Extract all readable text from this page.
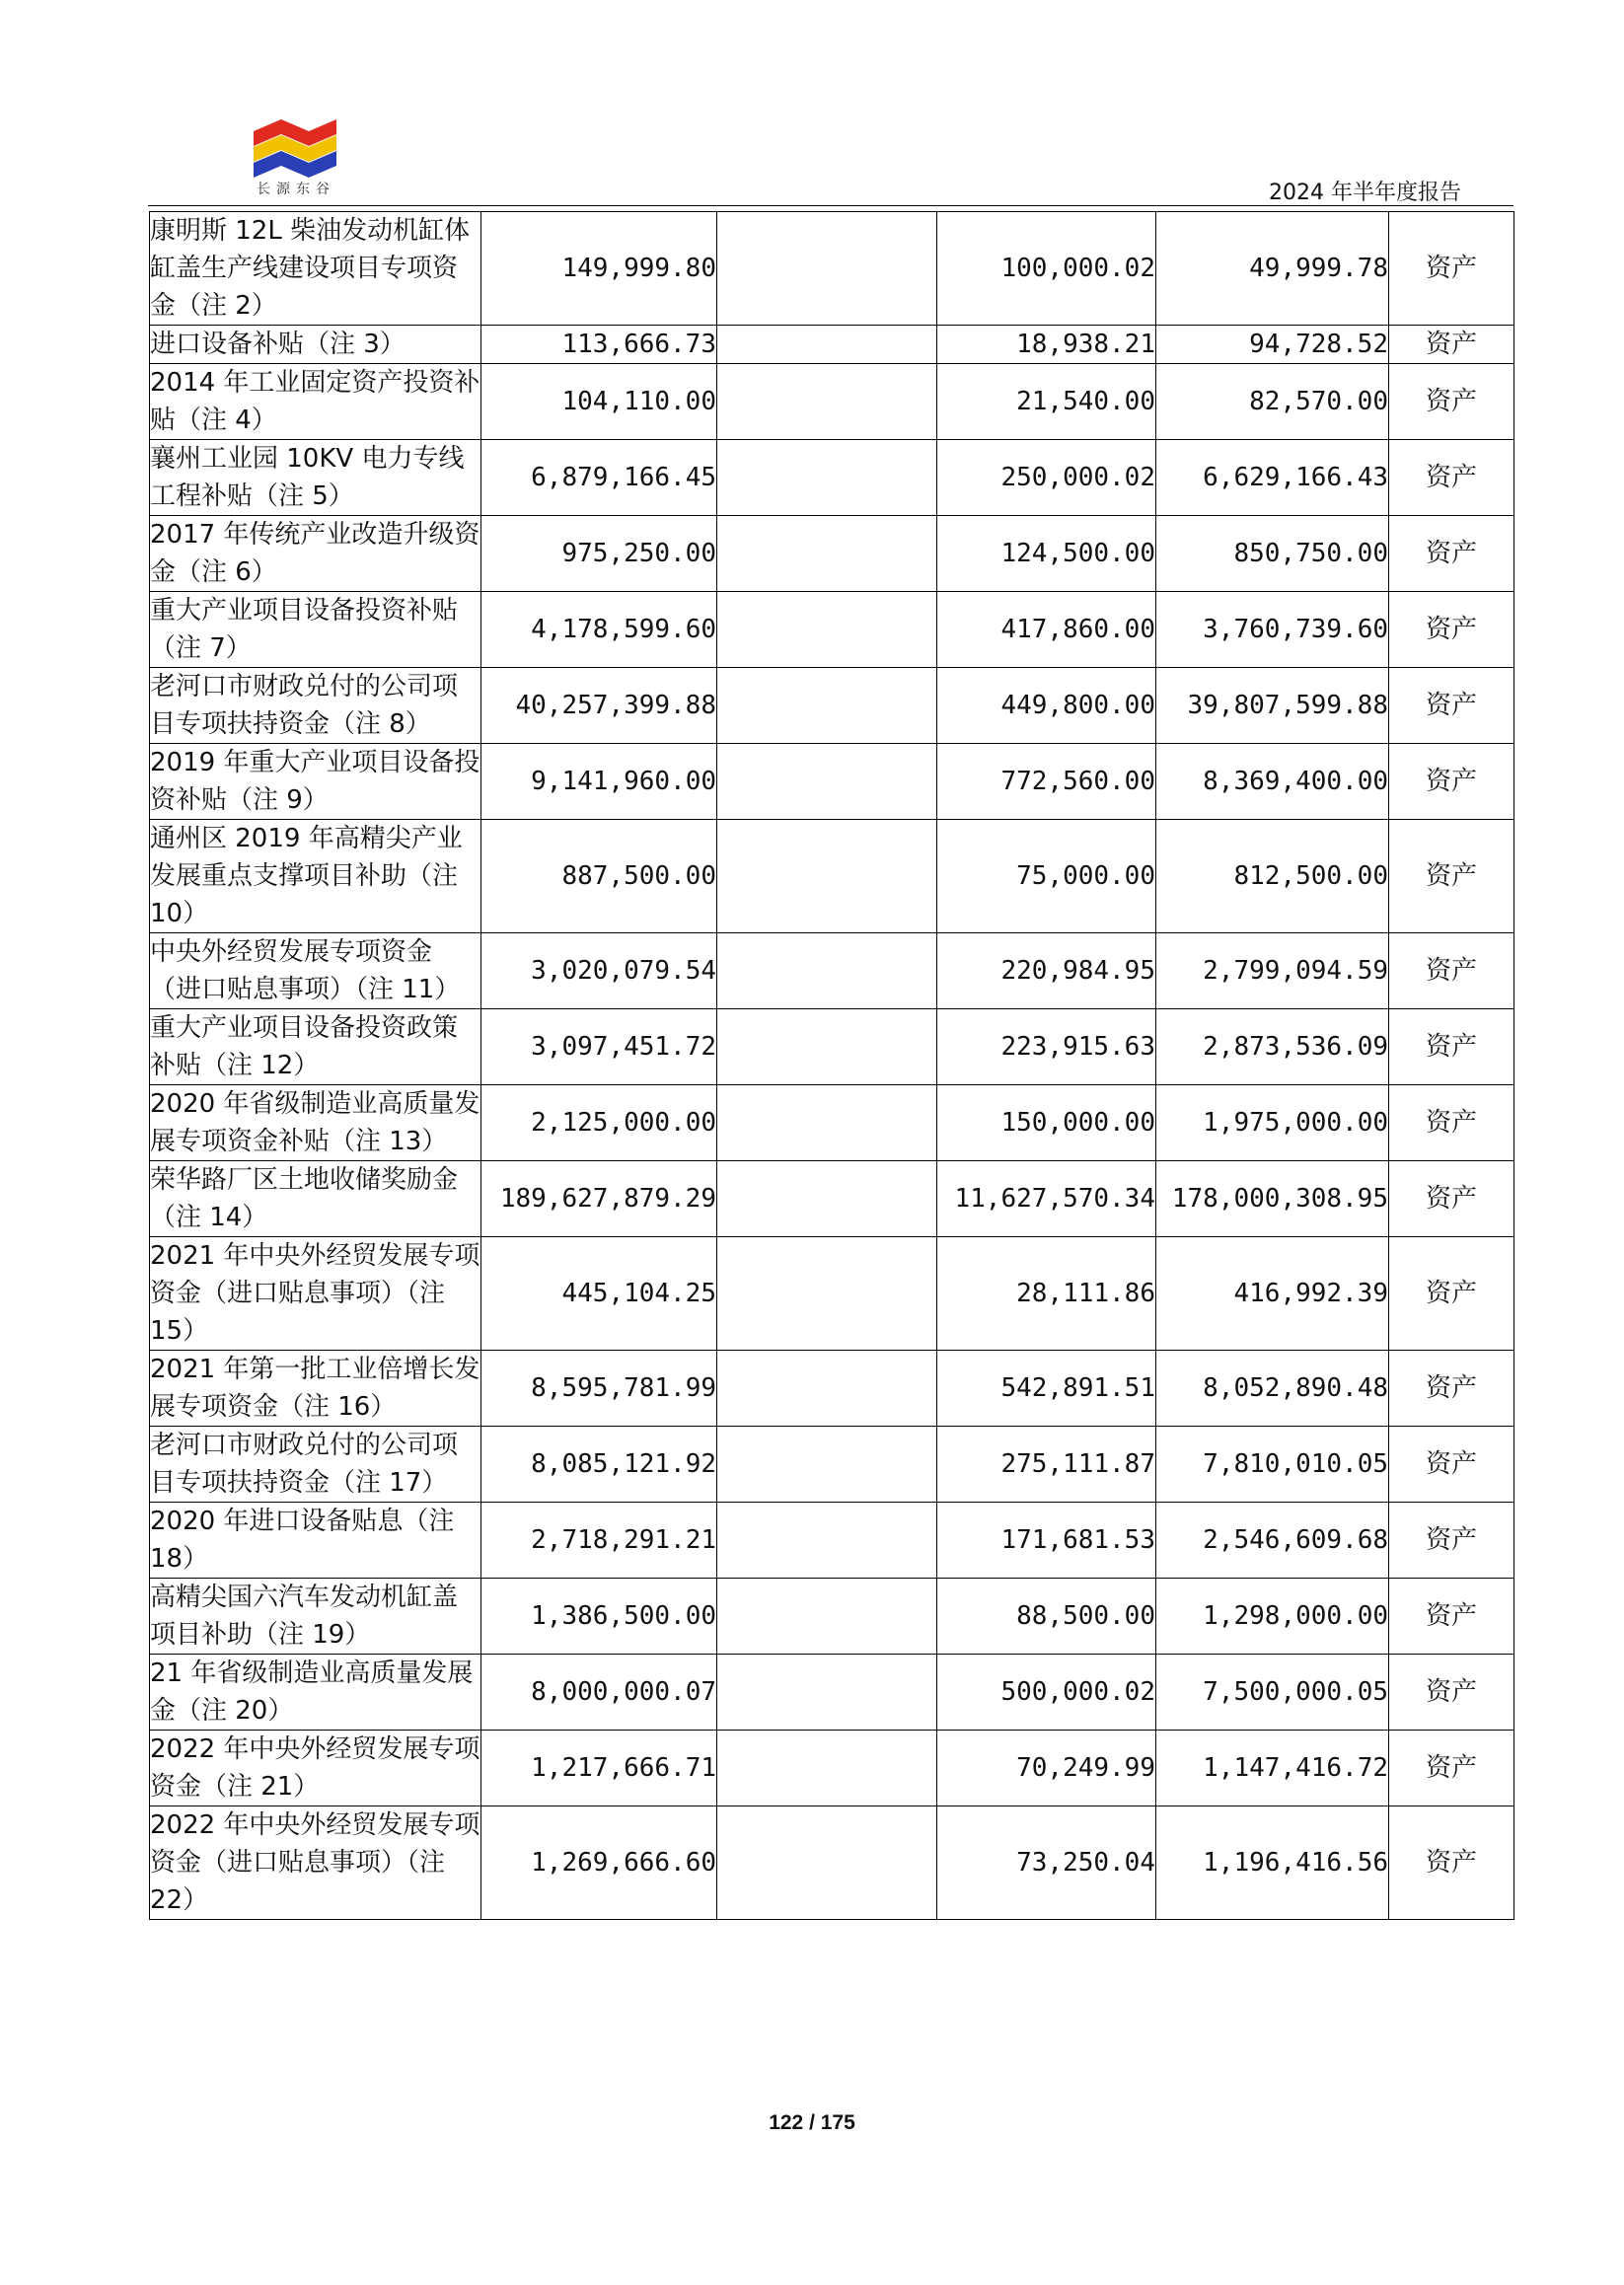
长源东谷	2024 年半年度报告
康明斯 12L 柴油发动机缸体缸盖生产线建设项目专项资金（注 2）	149,999.80		100,000.02	49,999.78	资产
进口设备补贴（注 3）	113,666.73		18,938.21	94,728.52	资产
2014 年工业固定资产投资补贴（注 4）	104,110.00		21,540.00	82,570.00	资产
襄州工业园 10KV 电力专线工程补贴（注 5）	6,879,166.45		250,000.02	6,629,166.43	资产
2017 年传统产业改造升级资金（注 6）	975,250.00		124,500.00	850,750.00	资产
重大产业项目设备投资补贴（注 7）	4,178,599.60		417,860.00	3,760,739.60	资产
老河口市财政兑付的公司项目专项扶持资金（注 8）	40,257,399.88		449,800.00	39,807,599.88	资产
2019 年重大产业项目设备投资补贴（注 9）	9,141,960.00		772,560.00	8,369,400.00	资产
通州区 2019 年高精尖产业发展重点支撑项目补助（注 10）	887,500.00		75,000.00	812,500.00	资产
中央外经贸发展专项资金（进口贴息事项）（注 11）	3,020,079.54		220,984.95	2,799,094.59	资产
重大产业项目设备投资政策补贴（注 12）	3,097,451.72		223,915.63	2,873,536.09	资产
2020 年省级制造业高质量发展专项资金补贴（注 13）	2,125,000.00		150,000.00	1,975,000.00	资产
荣华路厂区土地收储奖励金（注 14）	189,627,879.29		11,627,570.34	178,000,308.95	资产
2021 年中央外经贸发展专项资金（进口贴息事项）（注 15）	445,104.25		28,111.86	416,992.39	资产
2021 年第一批工业倍增长发展专项资金（注 16）	8,595,781.99		542,891.51	8,052,890.48	资产
老河口市财政兑付的公司项目专项扶持资金（注 17）	8,085,121.92		275,111.87	7,810,010.05	资产
2020 年进口设备贴息（注 18）	2,718,291.21		171,681.53	2,546,609.68	资产
高精尖国六汽车发动机缸盖项目补助（注 19）	1,386,500.00		88,500.00	1,298,000.00	资产
21 年省级制造业高质量发展金（注 20）	8,000,000.07		500,000.02	7,500,000.05	资产
2022 年中央外经贸发展专项资金（注 21）	1,217,666.71		70,249.99	1,147,416.72	资产
2022 年中央外经贸发展专项资金（进口贴息事项）（注 22）	1,269,666.60		73,250.04	1,196,416.56	资产
122 / 175
